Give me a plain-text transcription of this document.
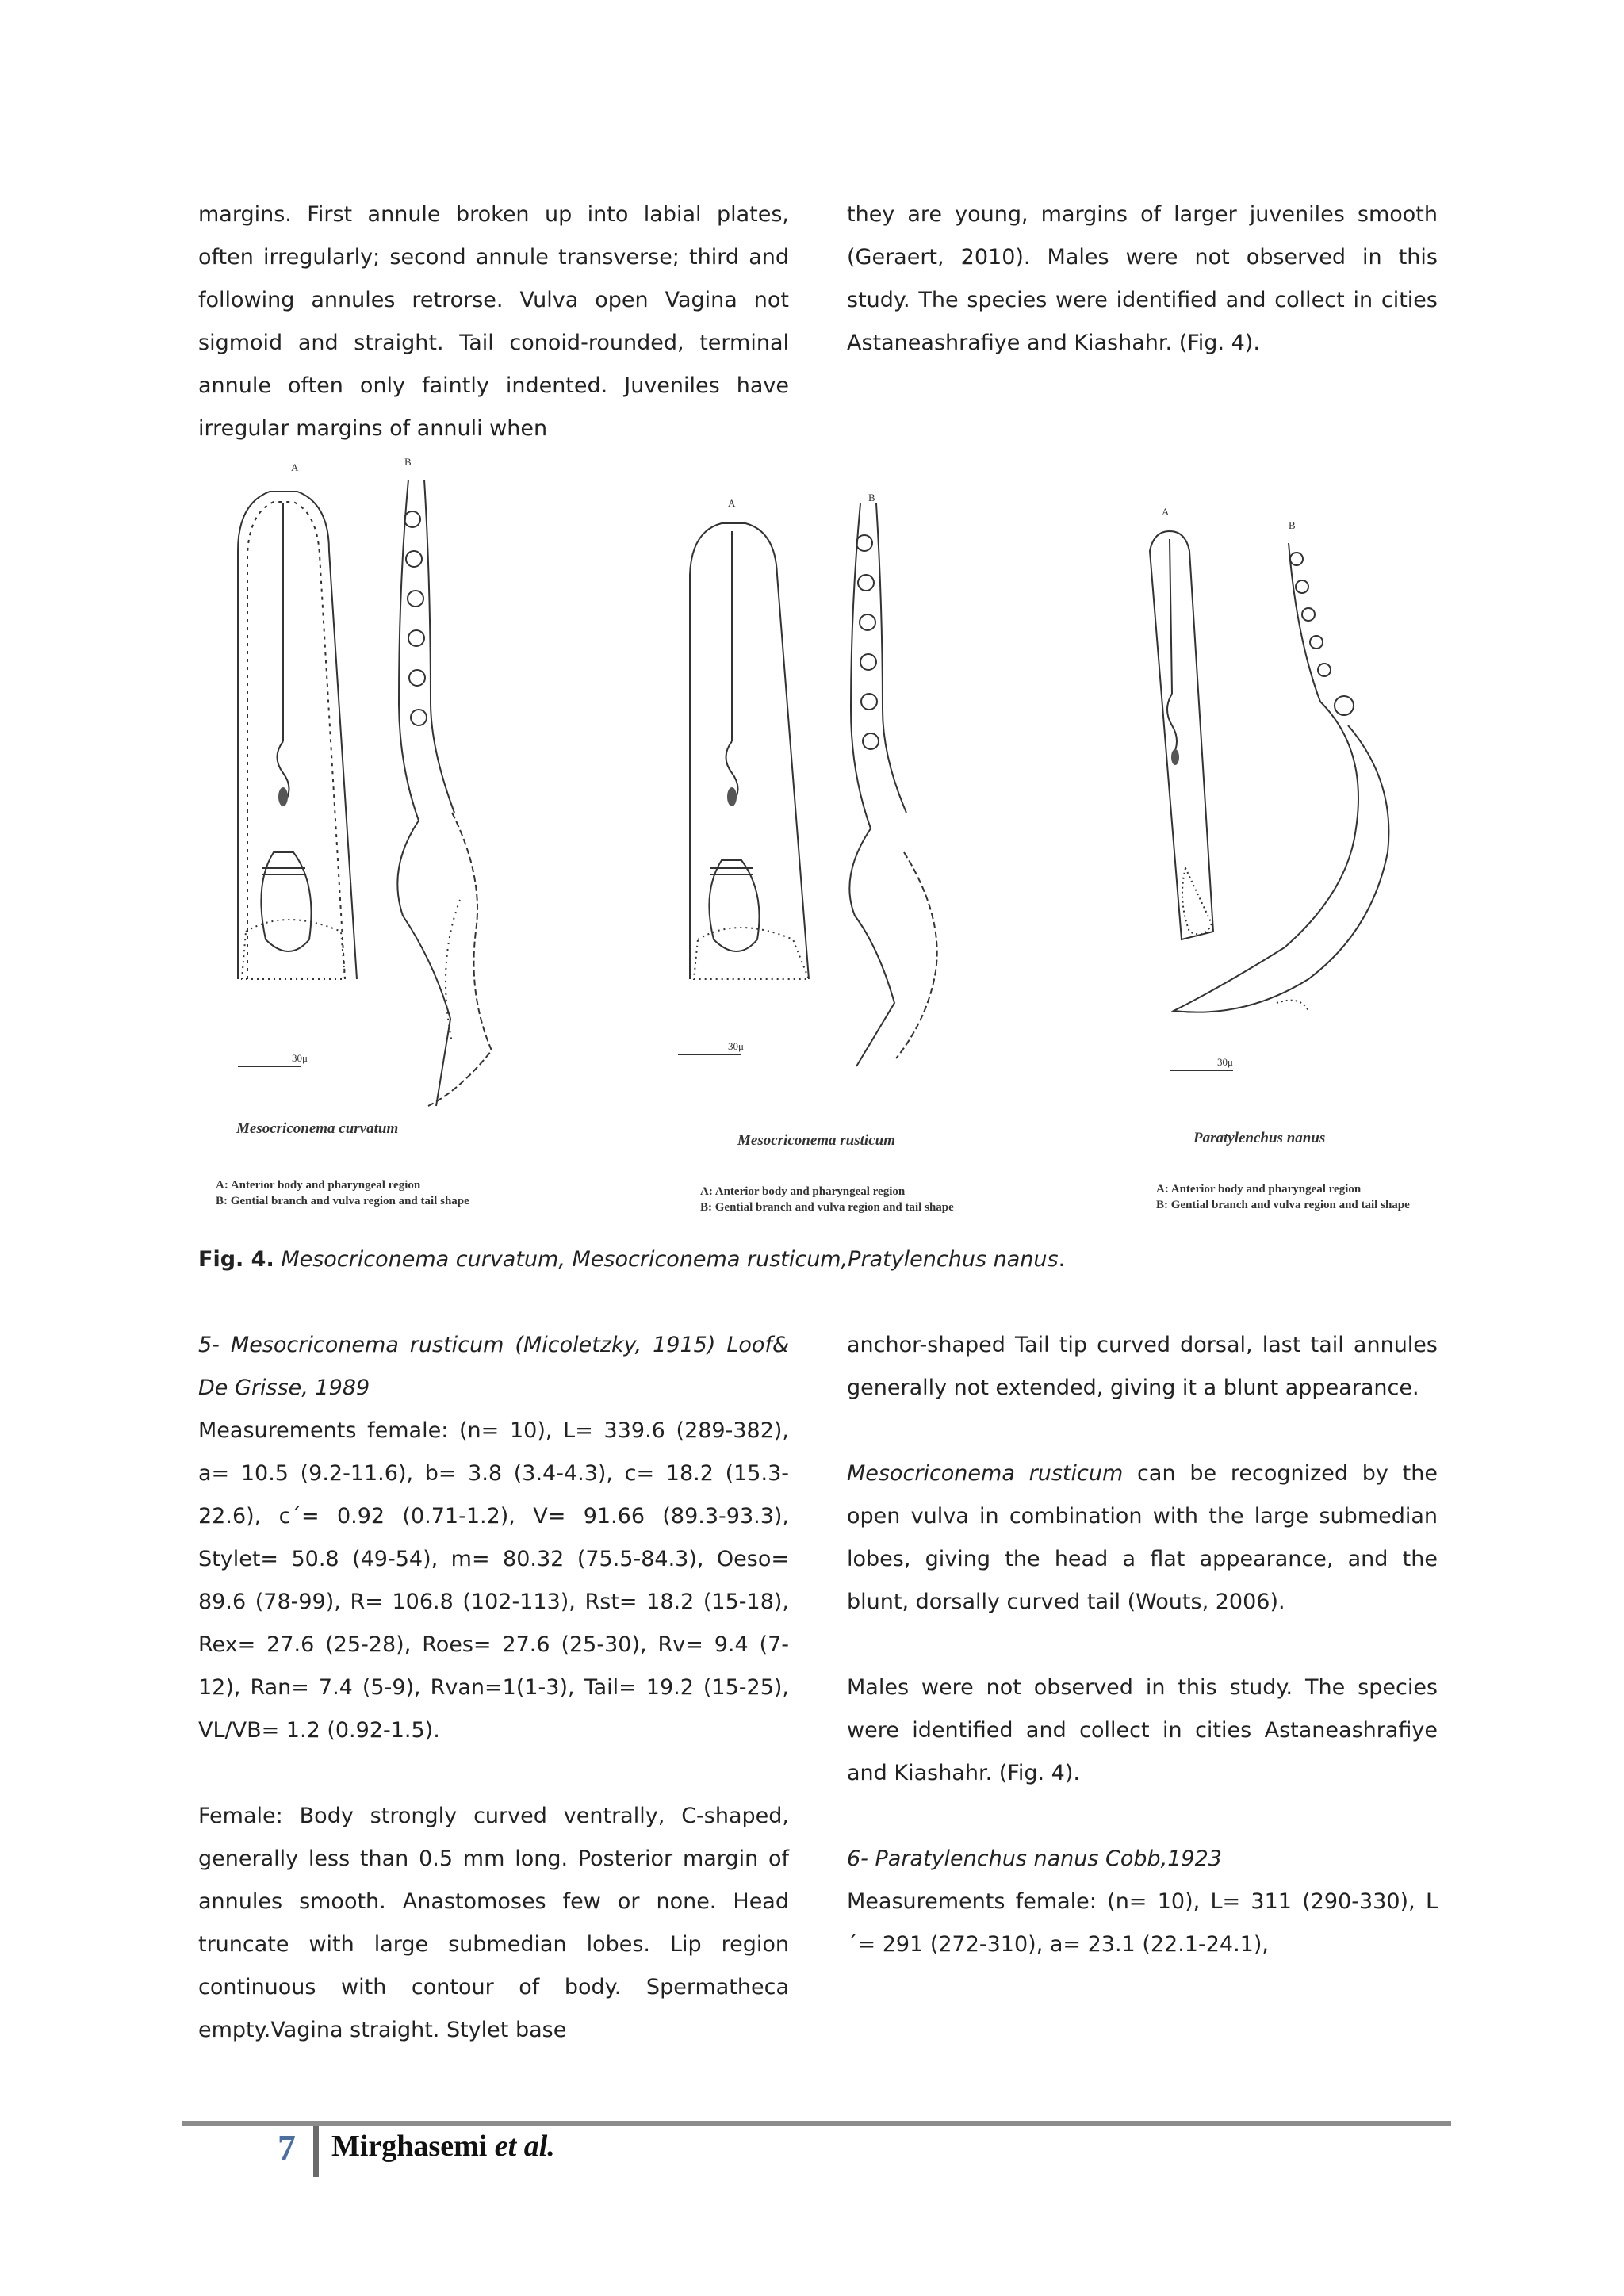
margins. First annule broken up into labial plates, often irregularly; second annule transverse; third and following annules retrorse. Vulva open Vagina not sigmoid and straight. Tail conoid-rounded, terminal annule often only faintly indented. Juveniles have irregular margins of annuli when

they are young, margins of larger juveniles smooth (Geraert, 2010). Males were not observed in this study. The species were identified and collect in cities Astaneashrafiye and Kiashahr. (Fig. 4).

A	B
A	B
A
B
30μ
30μ
30μ
Mesocriconema curvatum
Mesocriconema rusticum	Paratylenchus nanus
A: Anterior body and pharyngeal region
B: Gential branch and vulva region and tail shape
A: Anterior body and pharyngeal region
B: Gential branch and vulva region and tail shape
A: Anterior body and pharyngeal region
B: Gential branch and vulva region and tail shape
Fig. 4. Mesocriconema curvatum, Mesocriconema rusticum,Pratylenchus nanus.

5- Mesocriconema rusticum (Micoletzky, 1915) Loof& De Grisse, 1989

Measurements female: (n= 10), L= 339.6 (289-382), a= 10.5 (9.2-11.6), b= 3.8 (3.4-4.3), c= 18.2 (15.3-22.6), c´= 0.92 (0.71-1.2), V= 91.66 (89.3-93.3), Stylet= 50.8 (49-54), m= 80.32 (75.5-84.3), Oeso= 89.6 (78-99), R= 106.8 (102-113), Rst= 18.2 (15-18), Rex= 27.6 (25-28), Roes= 27.6 (25-30), Rv= 9.4 (7-12), Ran= 7.4 (5-9), Rvan=1(1-3), Tail= 19.2 (15-25), VL/VB= 1.2 (0.92-1.5).

Female: Body strongly curved ventrally, C-shaped, generally less than 0.5 mm long. Posterior margin of annules smooth. Anastomoses few or none. Head truncate with large submedian lobes. Lip region continuous with contour of body. Spermatheca empty.Vagina straight. Stylet base

anchor-shaped Tail tip curved dorsal, last tail annules generally not extended, giving it a blunt appearance.

Mesocriconema rusticum can be recognized by the open vulva in combination with the large submedian lobes, giving the head a flat appearance, and the blunt, dorsally curved tail (Wouts, 2006).

Males were not observed in this study. The species were identified and collect in cities Astaneashrafiye and Kiashahr. (Fig. 4).

6- Paratylenchus nanus Cobb,1923

Measurements female: (n= 10), L= 311 (290-330), L´= 291 (272-310), a= 23.1 (22.1-24.1),

7 Mirghasemi et al.
